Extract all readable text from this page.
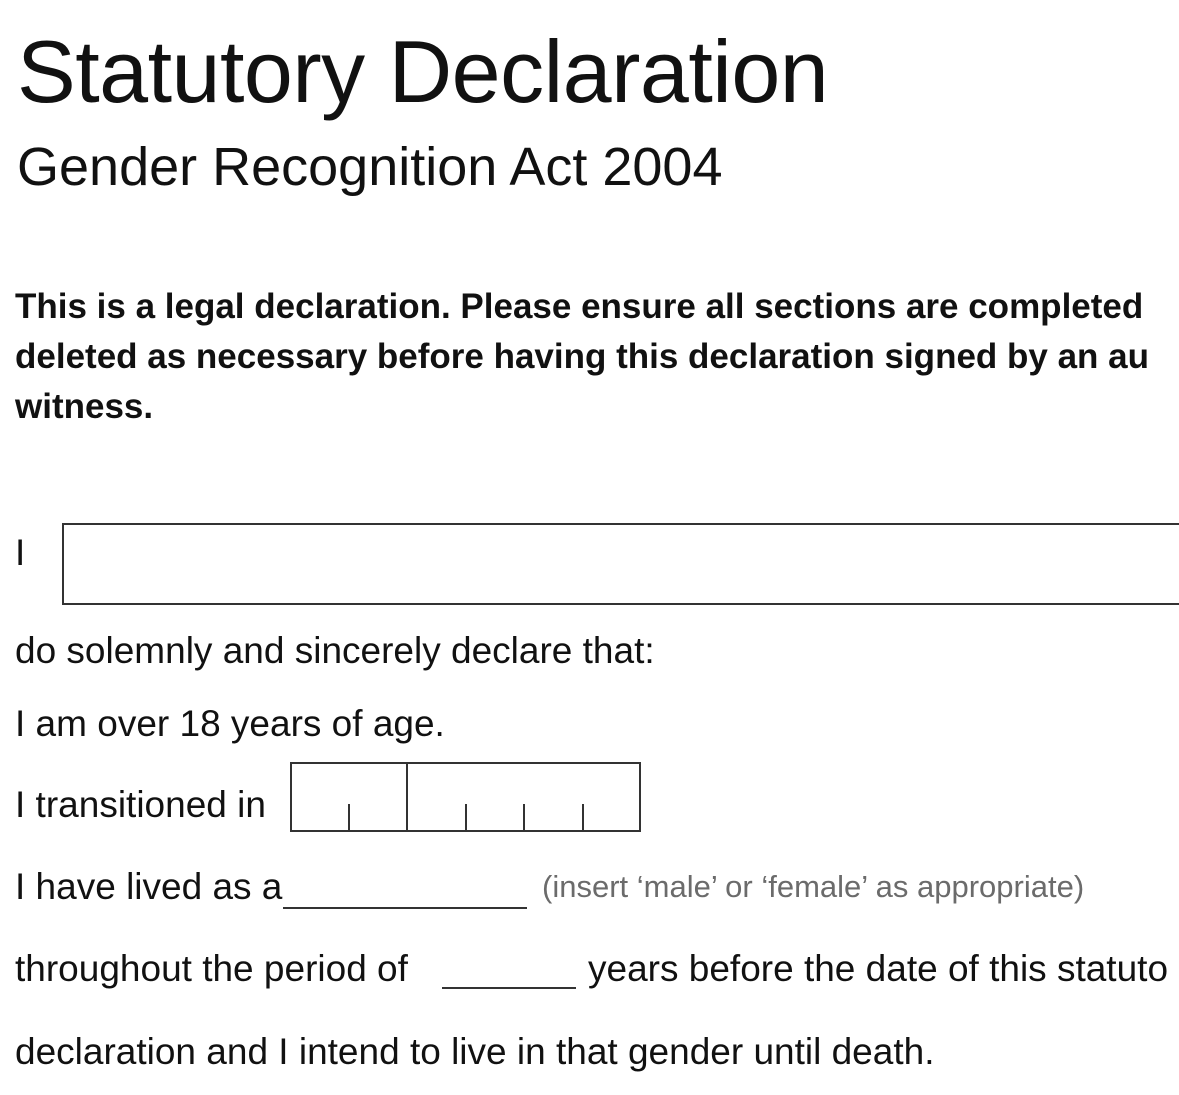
Statutory Declaration
Gender Recognition Act 2004

This is a legal declaration. Please ensure all sections are completed
deleted as necessary before having this declaration signed by an au
witness.

I
do solemnly and sincerely declare that:
I am over 18 years of age.
I transitioned in
I have lived as a	(insert ‘male’ or ‘female’ as appropriate)
throughout the period of	years before the date of this statuto
declaration and I intend to live in that gender until death.
